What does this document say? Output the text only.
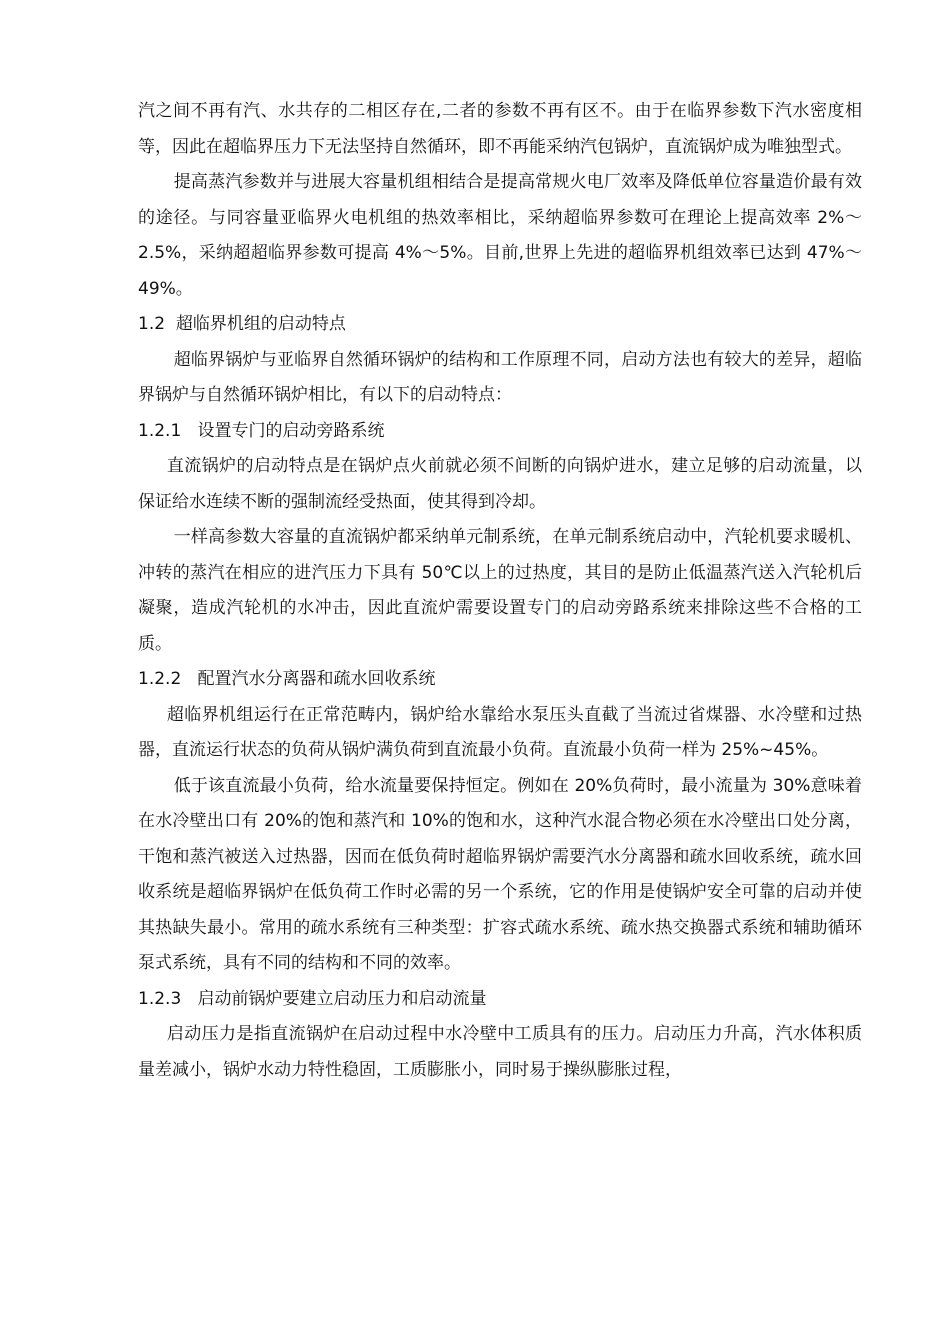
汽之间不再有汽、水共存的二相区存在,二者的参数不再有区不。由于在临界参数下汽水密度相等，因此在超临界压力下无法坚持自然循环，即不再能采纳汽包锅炉，直流锅炉成为唯独型式。

提高蒸汽参数并与进展大容量机组相结合是提高常规火电厂效率及降低单位容量造价最有效的途径。与同容量亚临界火电机组的热效率相比，采纳超临界参数可在理论上提高效率 2%～2.5%，采纳超超临界参数可提高 4%～5%。目前,世界上先进的超临界机组效率已达到 47%～49%。

1.2  超临界机组的启动特点

超临界锅炉与亚临界自然循环锅炉的结构和工作原理不同，启动方法也有较大的差异，超临界锅炉与自然循环锅炉相比，有以下的启动特点：

1.2.1   设置专门的启动旁路系统

直流锅炉的启动特点是在锅炉点火前就必须不间断的向锅炉进水，建立足够的启动流量，以保证给水连续不断的强制流经受热面，使其得到冷却。

一样高参数大容量的直流锅炉都采纳单元制系统，在单元制系统启动中，汽轮机要求暖机、冲转的蒸汽在相应的进汽压力下具有 50℃以上的过热度，其目的是防止低温蒸汽送入汽轮机后凝聚，造成汽轮机的水冲击，因此直流炉需要设置专门的启动旁路系统来排除这些不合格的工质。

1.2.2   配置汽水分离器和疏水回收系统

超临界机组运行在正常范畴内，锅炉给水靠给水泵压头直截了当流过省煤器、水冷壁和过热器，直流运行状态的负荷从锅炉满负荷到直流最小负荷。直流最小负荷一样为 25%~45%。

低于该直流最小负荷，给水流量要保持恒定。例如在 20%负荷时，最小流量为 30%意味着在水冷壁出口有 20%的饱和蒸汽和 10%的饱和水，这种汽水混合物必须在水冷壁出口处分离，干饱和蒸汽被送入过热器，因而在低负荷时超临界锅炉需要汽水分离器和疏水回收系统，疏水回收系统是超临界锅炉在低负荷工作时必需的另一个系统，它的作用是使锅炉安全可靠的启动并使其热缺失最小。常用的疏水系统有三种类型：扩容式疏水系统、疏水热交换器式系统和辅助循环泵式系统，具有不同的结构和不同的效率。

1.2.3   启动前锅炉要建立启动压力和启动流量

启动压力是指直流锅炉在启动过程中水冷壁中工质具有的压力。启动压力升高，汽水体积质量差减小，锅炉水动力特性稳固，工质膨胀小，同时易于操纵膨胀过程，
